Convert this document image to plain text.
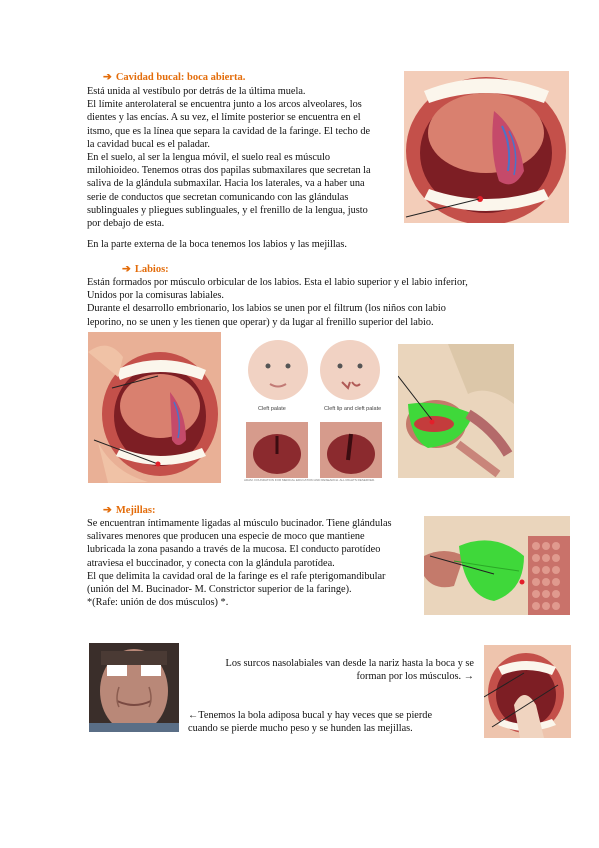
➔ Cavidad bucal: boca abierta.
Está unida al vestíbulo por detrás de la última muela.
El límite anterolateral se encuentra junto a los arcos alveolares, los
dientes y las encías. A su vez, el límite posterior se encuentra en el
itsmo, que es la línea que separa la cavidad de la faringe. El techo de
la cavidad bucal es el paladar.
En el suelo, al ser la lengua móvil, el suelo real es músculo
milohioideo. Tenemos otras dos papilas submaxilares que secretan la
saliva de la glándula submaxilar. Hacia los laterales, va a haber una
serie de conductos que secretan comunicando con las glándulas
sublinguales y pliegues sublinguales, y el frenillo de la lengua, justo
por debajo de esta.
En la parte externa de la boca tenemos los labios y las mejillas.
➔ Labios:
Están formados por músculo orbicular de los labios. Esta el labio superior y el labio inferior,
Unidos por la comisuras labiales.
Durante el desarrollo embrionario, los labios se unen por el filtrum (los niños con labio
leporino, no se unen y les tienen que operar) y da lugar al frenillo superior del labio.
Cleft palate	Cleft lip and cleft palate
ADAM. FOUNDATION FOR MEDICAL EDUCATION AND RESEARCH. ALL RIGHTS RESERVED.
➔ Mejillas:
Se encuentran íntimamente ligadas al músculo bucinador. Tiene glándulas
salivares menores que producen una especie de moco que mantiene
lubricada la zona pasando a través de la mucosa. El conducto parotídeo
atraviesa el buccinador, y conecta con la glándula parotídea.
El que delimita la cavidad oral de la faringe es el rafe pterigomandibular
(unión del M. Bucinador- M. Constrictor superior de la faringe).
*(Rafe: unión de dos músculos) *.
Los surcos nasolabiales van desde la nariz hasta la boca y se
forman por los músculos. →
←Tenemos la bola adiposa bucal y hay veces que se pierde
cuando se pierde mucho peso y se hunden las mejillas.
